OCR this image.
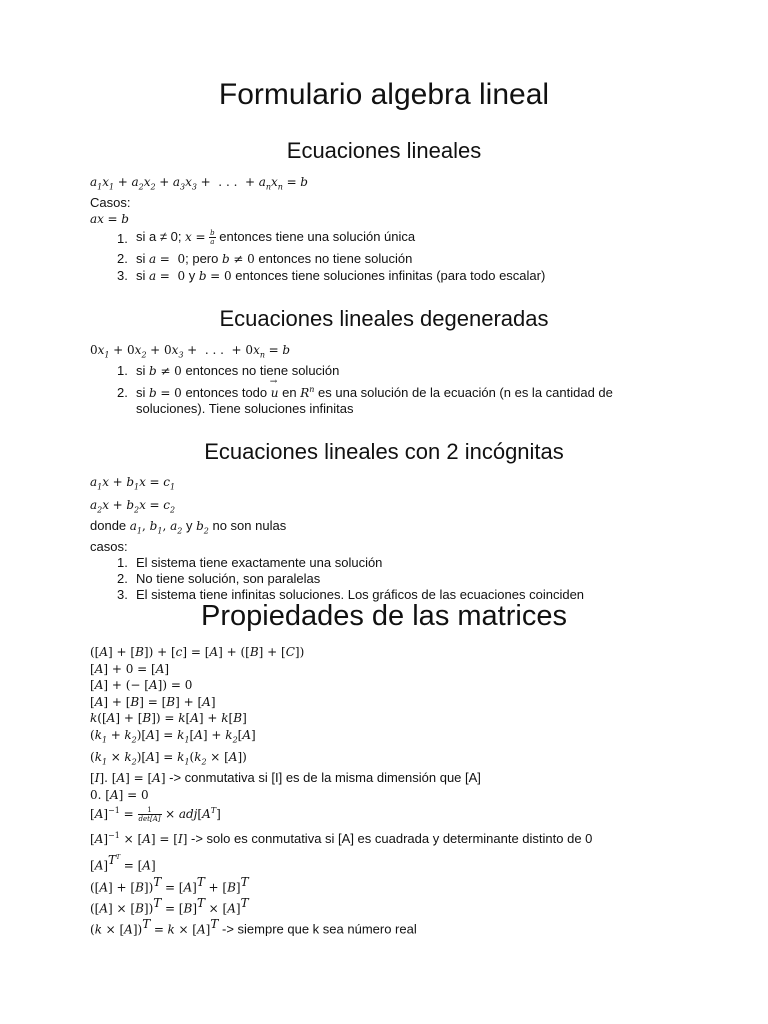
Formulario algebra lineal
Ecuaciones lineales
$a_1x_1 + a_2x_2 + a_3x_3$ +  . . .  + $a_nx_n = b$
Casos:
ax = b
1. si a ≠ 0; $x = \frac{b}{a}$ entonces tiene una solución única
2. si a =  0; pero b ≠ 0 entonces no tiene solución
3. si a =  0 y b = 0 entonces tiene soluciones infinitas (para todo escalar)
Ecuaciones lineales degeneradas
$0x_1 + 0x_2 + 0x_3$ +  . . .  + $0x_n = b$
1. si b ≠ 0 entonces no tiene solución
2. si b = 0 entonces todo → u en $R^n$ es una solución de la ecuación (n es la cantidad de
soluciones). Tiene soluciones infinitas
Ecuaciones lineales con 2 incógnitas
$a_1x + b_1x = c_1$
$a_2x + b_2x = c_2$
donde $a_1$, $b_1$, $a_2$ y $b_2$ no son nulas
casos:
1. El sistema tiene exactamente una solución
2. No tiene solución, son paralelas
3. El sistema tiene infinitas soluciones. Los gráficos de las ecuaciones coinciden
Propiedades de las matrices
([A] + [B]) + [c] = [A] + ([B] + [C])
[A] + 0 = [A]
[A] + (− [A]) = 0
[A] + [B] = [B] + [A]
k([A] + [B]) = k[A] + k[B]
$(k_1 + k_2)[A] = k_1[A] + k_2[A]$
$(k_1 \times k_2)[A] = k_1(k_2 \times [A])$
[I]. [A] = [A] -> conmutativa si [I] es de la misma dimensión que [A]
0. [A] = 0
$[A]^{-1} = \frac{1}{\det[A]} \times adj[A^T]$
$[A]^{-1} \times [A] = [I]$ -> solo es conmutativa si [A] es cuadrada y determinante distinto de 0
$[A]^{T^T} = [A]$
$([A] + [B])^T = [A]^T + [B]^T$
$([A] \times [B])^T = [B]^T \times [A]^T$
$(k \times [A])^T = k \times [A]^T$ -> siempre que k sea número real
